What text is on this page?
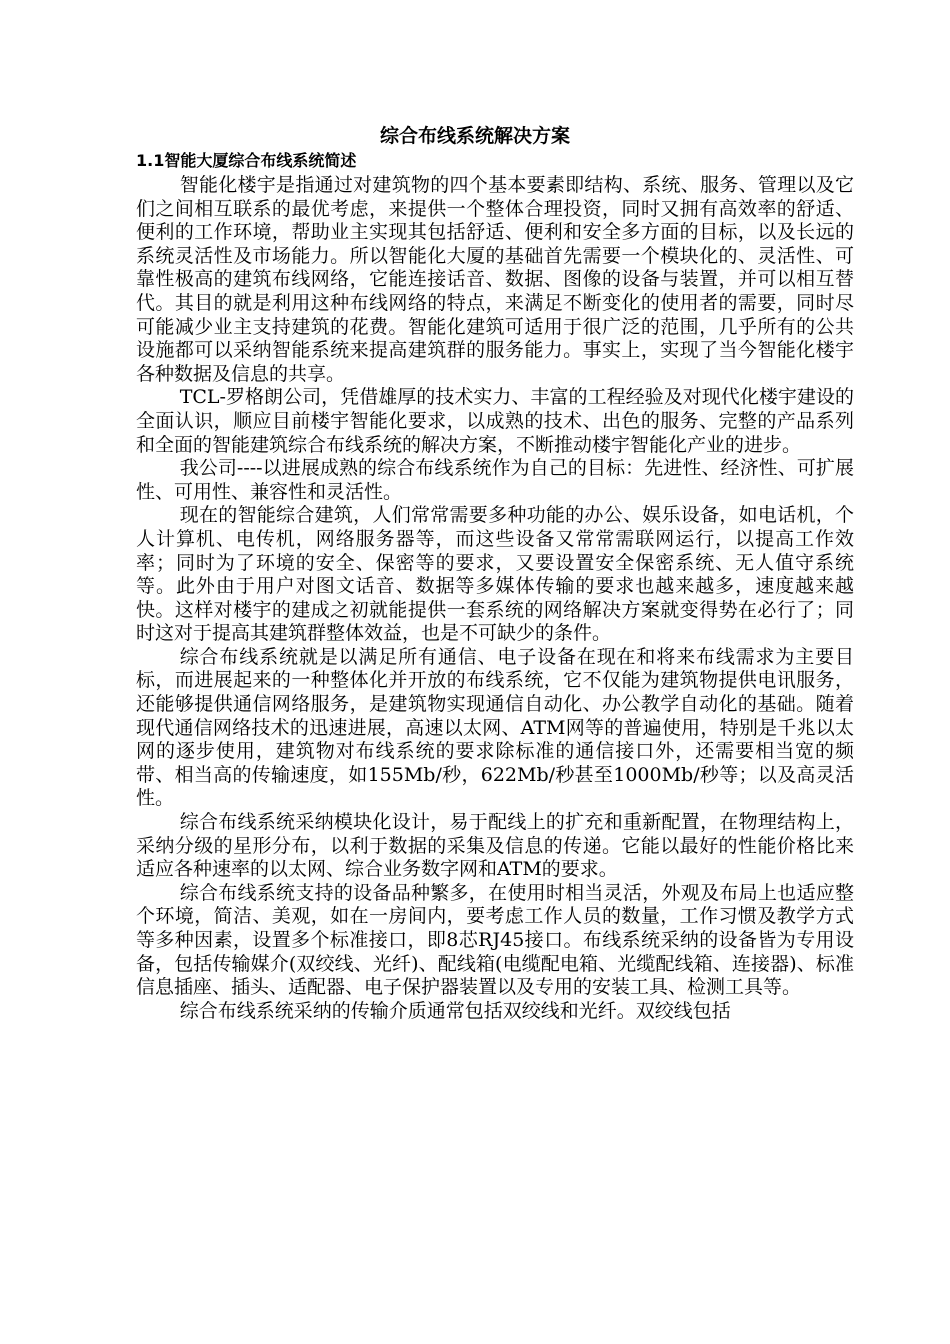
综合布线系统解决方案
1.1智能大厦综合布线系统简述

智能化楼宇是指通过对建筑物的四个基本要素即结构、系统、服务、管理以及它们之间相互联系的最优考虑，来提供一个整体合理投资，同时又拥有高效率的舒适、便利的工作环境，帮助业主实现其包括舒适、便利和安全多方面的目标，以及长远的系统灵活性及市场能力。所以智能化大厦的基础首先需要一个模块化的、灵活性、可靠性极高的建筑布线网络，它能连接话音、数据、图像的设备与装置，并可以相互替代。其目的就是利用这种布线网络的特点，来满足不断变化的使用者的需要，同时尽可能减少业主支持建筑的花费。智能化建筑可适用于很广泛的范围，几乎所有的公共设施都可以采纳智能系统来提高建筑群的服务能力。事实上，实现了当今智能化楼宇各种数据及信息的共享。

TCL-罗格朗公司，凭借雄厚的技术实力、丰富的工程经验及对现代化楼宇建设的全面认识，顺应目前楼宇智能化要求，以成熟的技术、出色的服务、完整的产品系列和全面的智能建筑综合布线系统的解决方案，不断推动楼宇智能化产业的进步。

我公司----以进展成熟的综合布线系统作为自己的目标：先进性、经济性、可扩展性、可用性、兼容性和灵活性。

现在的智能综合建筑，人们常常需要多种功能的办公、娱乐设备，如电话机，个人计算机、电传机，网络服务器等，而这些设备又常常需联网运行，以提高工作效率；同时为了环境的安全、保密等的要求，又要设置安全保密系统、无人值守系统等。此外由于用户对图文话音、数据等多媒体传输的要求也越来越多，速度越来越快。这样对楼宇的建成之初就能提供一套系统的网络解决方案就变得势在必行了；同时这对于提高其建筑群整体效益，也是不可缺少的条件。

综合布线系统就是以满足所有通信、电子设备在现在和将来布线需求为主要目标，而进展起来的一种整体化并开放的布线系统，它不仅能为建筑物提供电讯服务，还能够提供通信网络服务，是建筑物实现通信自动化、办公教学自动化的基础。随着现代通信网络技术的迅速进展，高速以太网、ATM网等的普遍使用，特别是千兆以太网的逐步使用，建筑物对布线系统的要求除标准的通信接口外，还需要相当宽的频带、相当高的传输速度，如155Mb/秒，622Mb/秒甚至1000Mb/秒等；以及高灵活性。

综合布线系统采纳模块化设计，易于配线上的扩充和重新配置，在物理结构上，采纳分级的星形分布，以利于数据的采集及信息的传递。它能以最好的性能价格比来适应各种速率的以太网、综合业务数字网和ATM的要求。

综合布线系统支持的设备品种繁多，在使用时相当灵活，外观及布局上也适应整个环境，简洁、美观，如在一房间内，要考虑工作人员的数量，工作习惯及教学方式等多种因素，设置多个标准接口，即8芯RJ45接口。布线系统采纳的设备皆为专用设备，包括传输媒介(双绞线、光纤)、配线箱(电缆配电箱、光缆配线箱、连接器)、标准信息插座、插头、适配器、电子保护器装置以及专用的安装工具、检测工具等。

综合布线系统采纳的传输介质通常包括双绞线和光纤。双绞线包括
